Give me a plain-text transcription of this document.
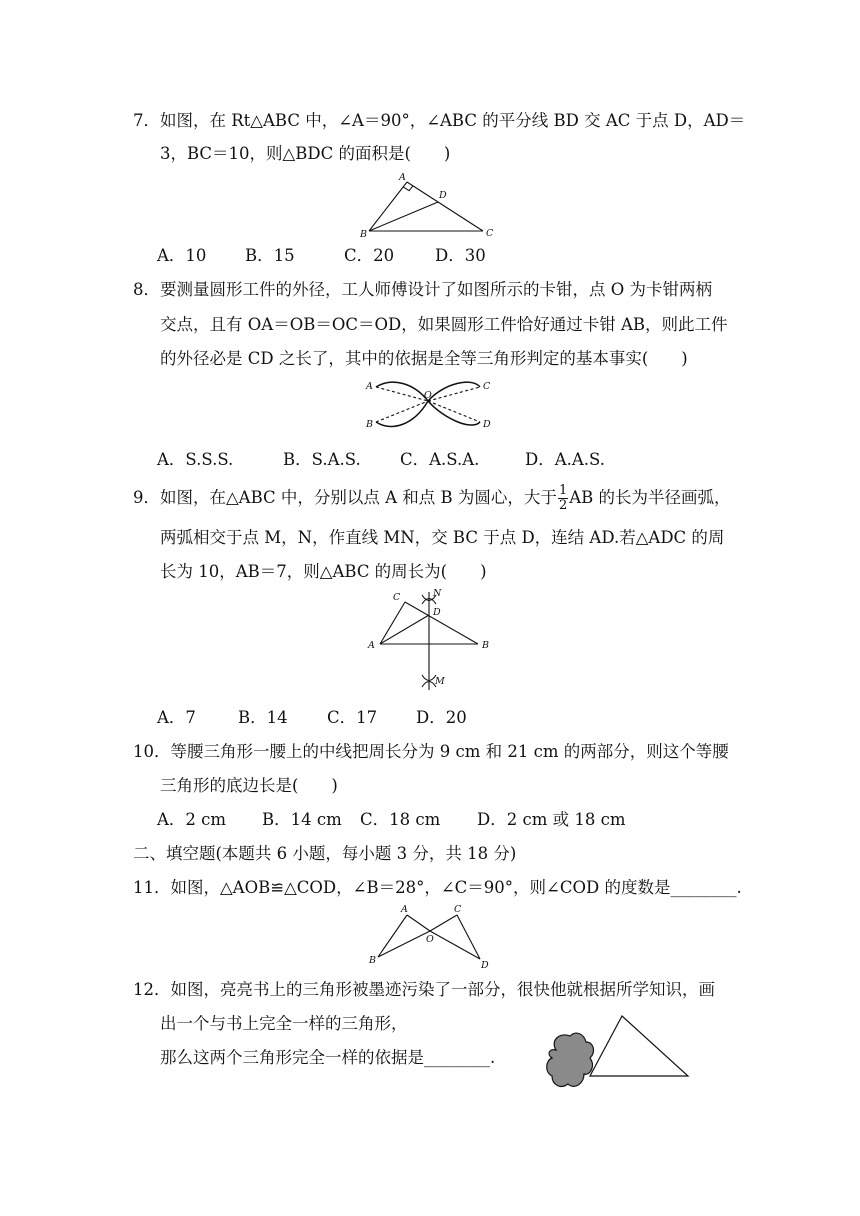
7．如图，在 Rt△ABC 中，∠A＝90°，∠ABC 的平分线 BD 交 AC 于点 D，AD＝
3，BC＝10，则△BDC 的面积是(　　)
A
B	C
D
A．10 B．15	C．20 D．30
8．要测量圆形工件的外径，工人师傅设计了如图所示的卡钳，点 O 为卡钳两柄
交点，且有 OA＝OB＝OC＝OD，如果圆形工件恰好通过卡钳 AB，则此工件
的外径必是 CD 之长了，其中的依据是全等三角形判定的基本事实(　　)
A
B
C
D
O
A．S.S.S.	B．S.A.S. C．A.S.A.	D．A.A.S.
9．如图，在△ABC 中，分别以点 A 和点 B 为圆心，大于 $\frac{1}{2}$ AB 的长为半径画弧，
两弧相交于点 M，N，作直线 MN，交 BC 于点 D，连结 AD.若△ADC 的周
长为 10，AB＝7，则△ABC 的周长为(　　)
A	B
C
D
M
N
A．7	B．14 C．17 D．20
10．等腰三角形一腰上的中线把周长分为 9 cm 和 21 cm 的两部分，则这个等腰
三角形的底边长是(　　)
A．2 cm B．14 cm C．18 cm D．2 cm 或 18 cm
二、填空题(本题共 6 小题，每小题 3 分，共 18 分)
11．如图，△AOB≌△COD，∠B＝28°，∠C＝90°，则∠COD 的度数是________.
A
B
C
D
O
12．如图，亮亮书上的三角形被墨迹污染了一部分，很快他就根据所学知识，画
出一个与书上完全一样的三角形，
那么这两个三角形完全一样的依据是________.
